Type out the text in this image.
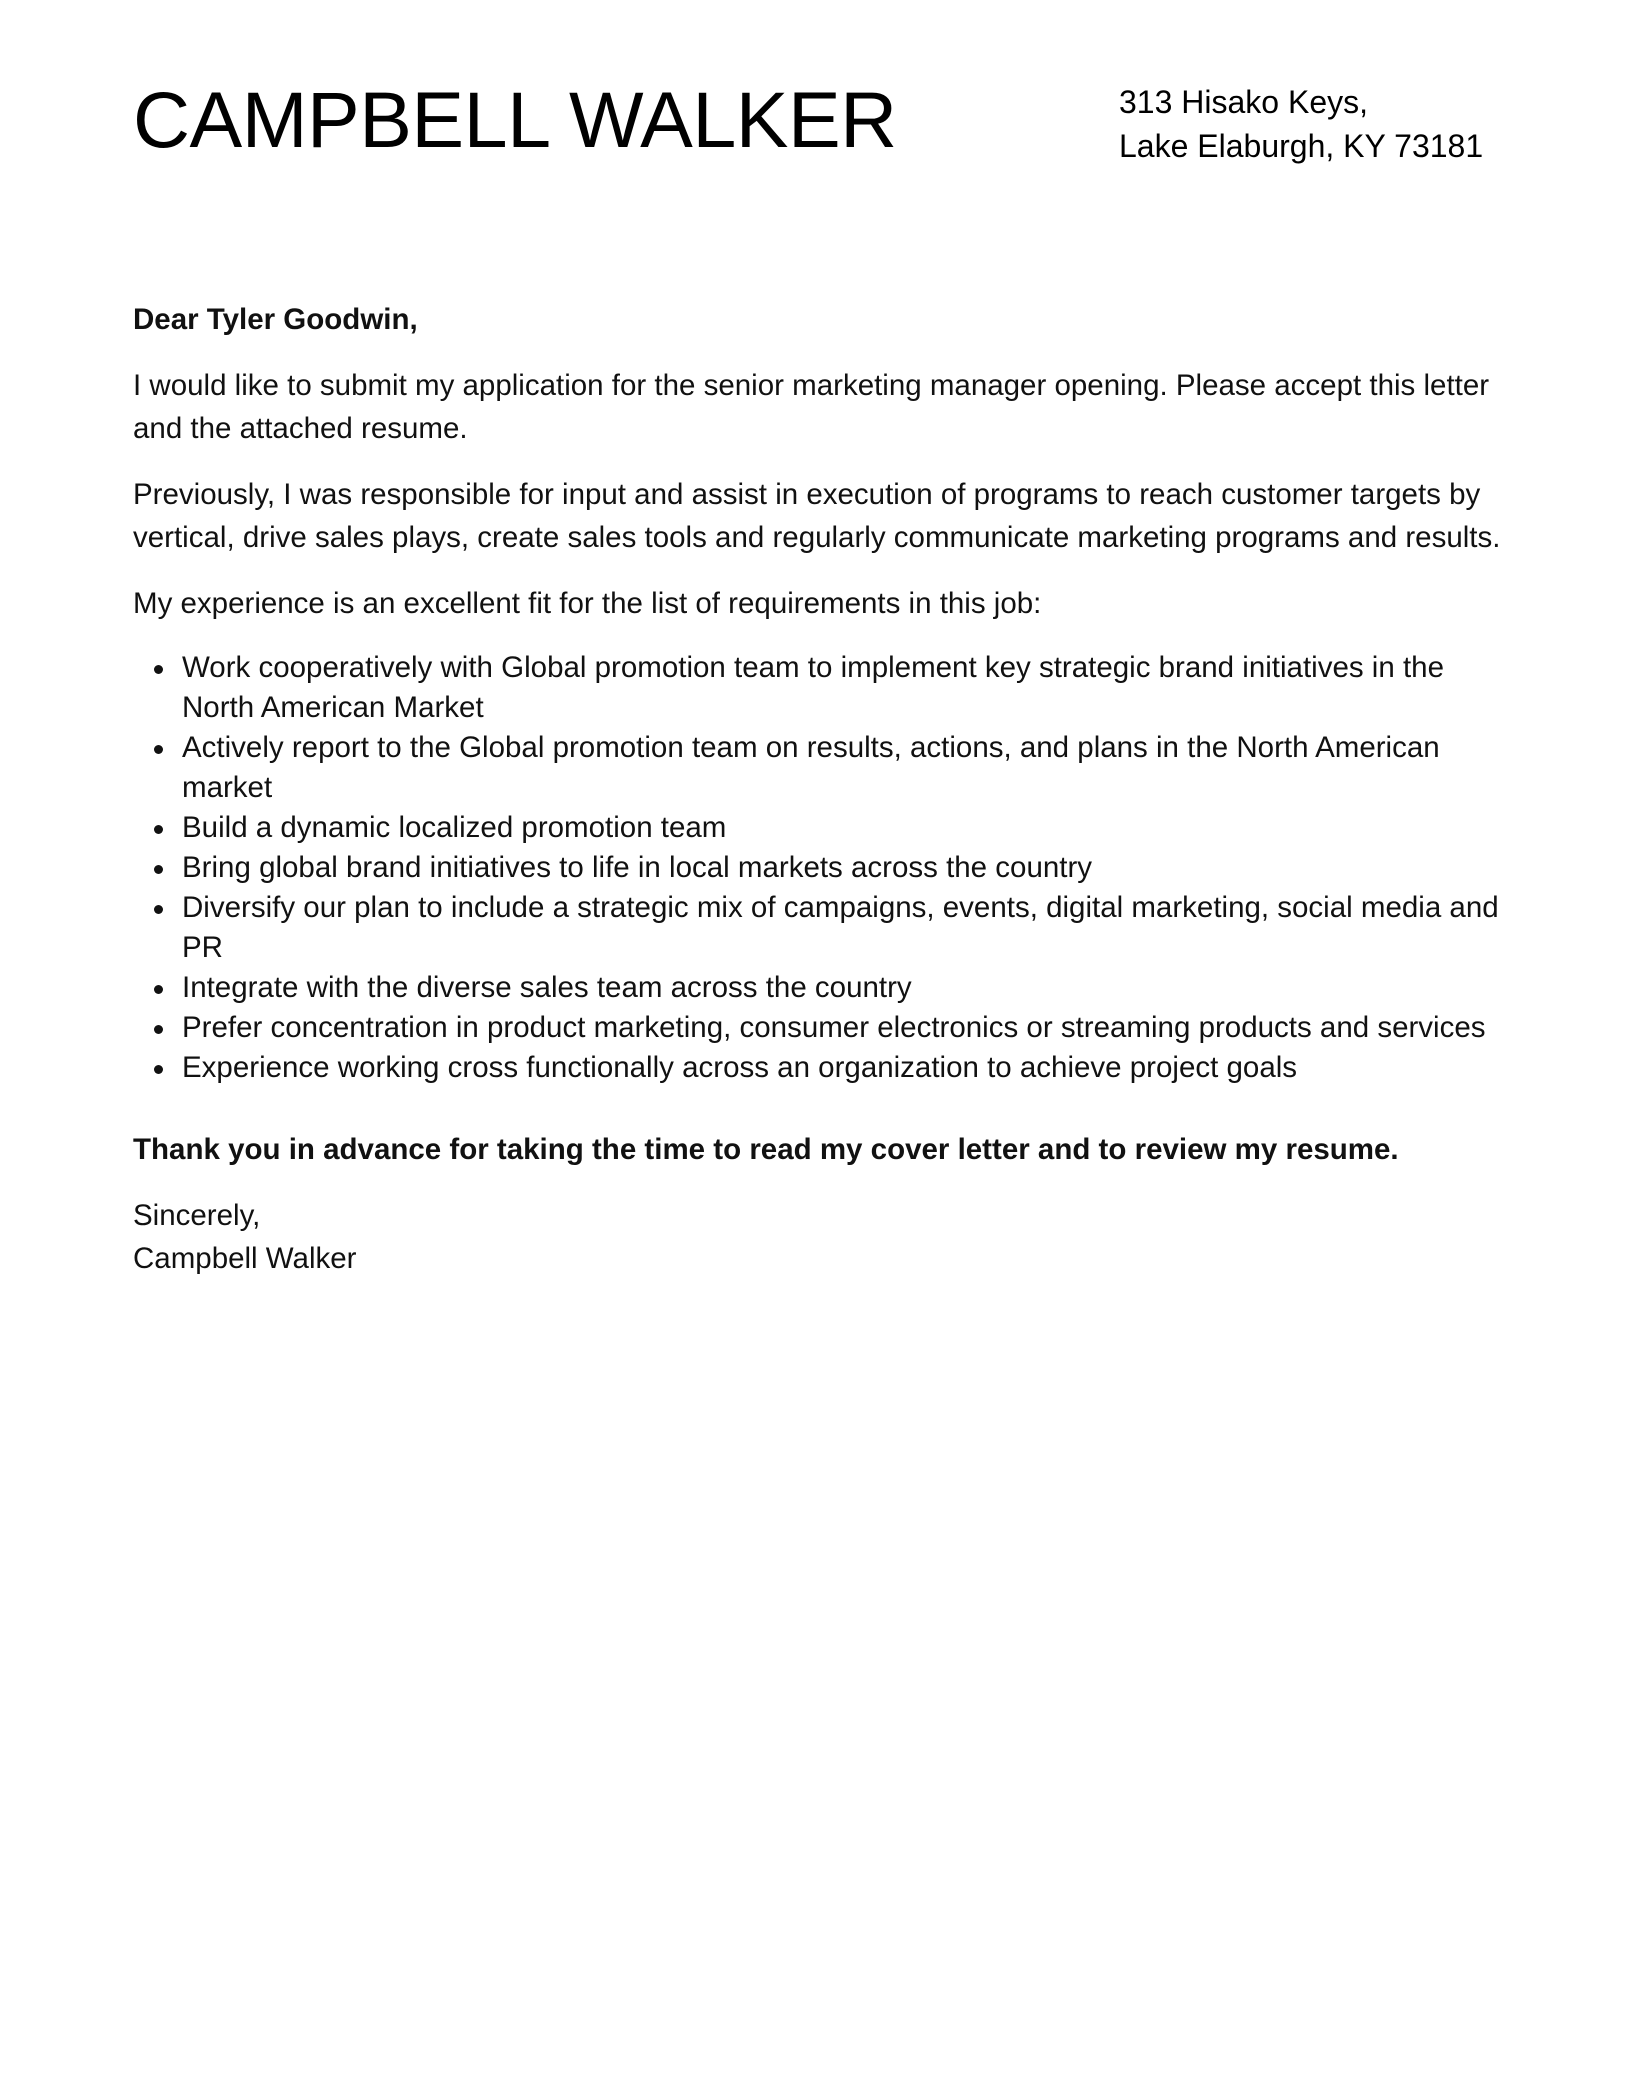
CAMPBELL WALKER	313 Hisako Keys,
Lake Elaburgh, KY 73181

Dear Tyler Goodwin,

I would like to submit my application for the senior marketing manager opening. Please accept this letter and the attached resume.

Previously, I was responsible for input and assist in execution of programs to reach customer targets by vertical, drive sales plays, create sales tools and regularly communicate marketing programs and results.

My experience is an excellent fit for the list of requirements in this job:

Work cooperatively with Global promotion team to implement key strategic brand initiatives in the North American Market
Actively report to the Global promotion team on results, actions, and plans in the North American market
Build a dynamic localized promotion team
Bring global brand initiatives to life in local markets across the country
Diversify our plan to include a strategic mix of campaigns, events, digital marketing, social media and PR
Integrate with the diverse sales team across the country
Prefer concentration in product marketing, consumer electronics or streaming products and services
Experience working cross functionally across an organization to achieve project goals

Thank you in advance for taking the time to read my cover letter and to review my resume.

Sincerely,
Campbell Walker
